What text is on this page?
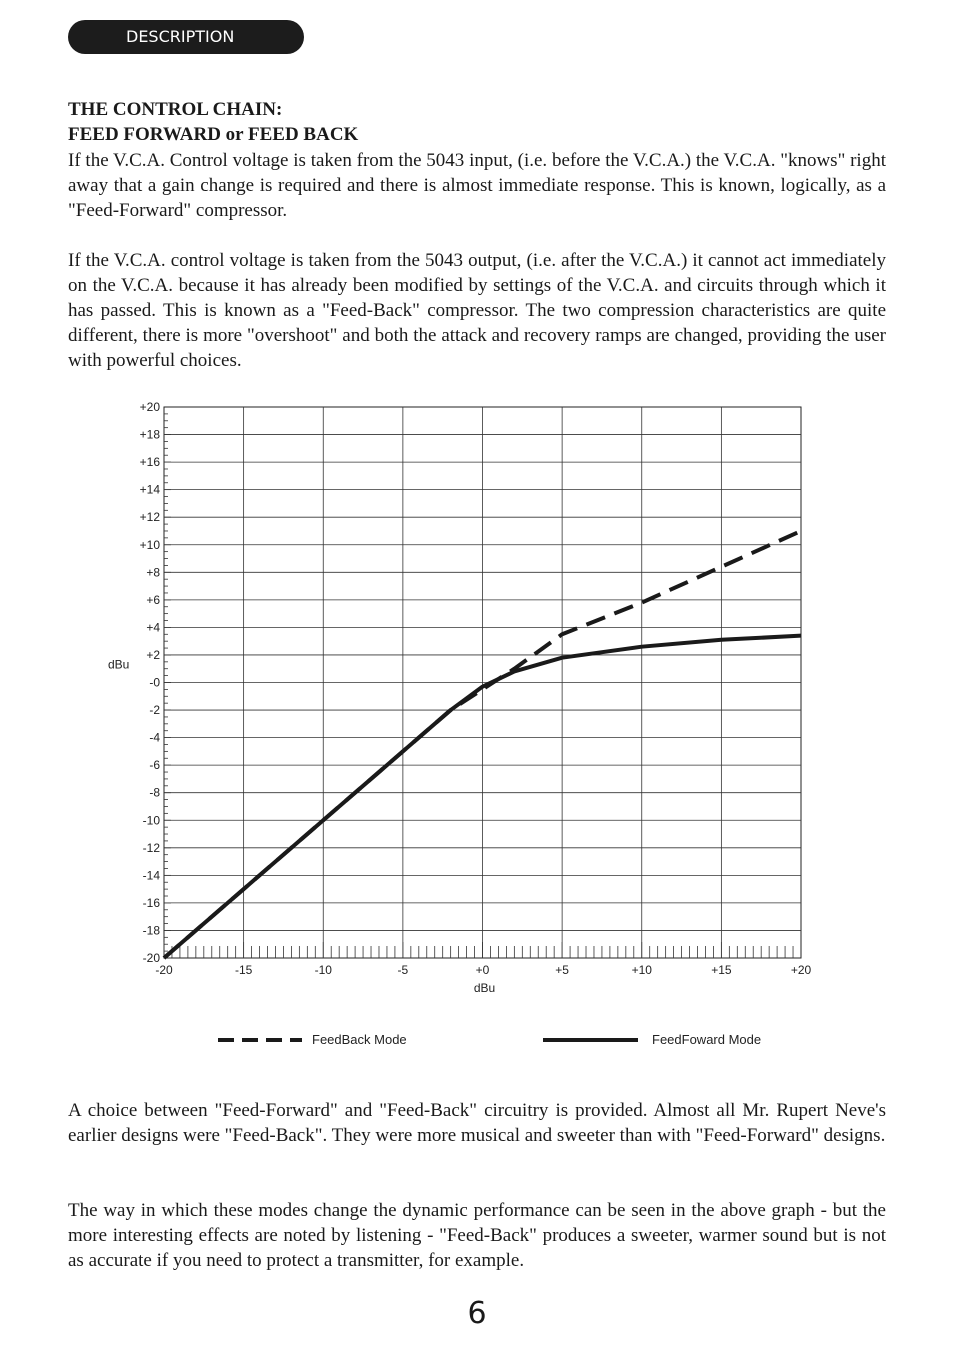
DESCRIPTION
THE CONTROL CHAIN:
FEED FORWARD or FEED BACK

If the V.C.A. Control voltage is taken from the 5043 input, (i.e. before the V.C.A.) the V.C.A. "knows" right away that a gain change is required and there is almost immediate response. This is known, logically, as a "Feed-Forward" compressor.

If the V.C.A. control voltage is taken from the 5043 output, (i.e. after the V.C.A.) it cannot act immediately on the V.C.A. because it has already been modified by settings of the V.C.A. and circuits through which it has passed. This is known as a "Feed-Back" compressor. The two compression characteristics are quite different, there is more "overshoot" and both the attack and recovery ramps are changed, providing the user with powerful choices.

-20
-18
-16
-14
-12
-10
-8
-6
-4
-2
-0
+2
+4
+6
+8
+10
+12
+14
+16
+18
+20
-20	-15	-10	-5	+0	+5	+10	+15	+20
dBu
dBu
FeedBack Mode	FeedFoward Mode

A choice between "Feed-Forward" and "Feed-Back" circuitry is provided. Almost all Mr. Rupert Neve's earlier designs were "Feed-Back". They were more musical and sweeter than with "Feed-Forward" designs.

The way in which these modes change the dynamic performance can be seen in the above graph - but the more interesting effects are noted by listening - "Feed-Back" produces a sweeter, warmer sound but is not as accurate if you need to protect a transmitter, for example.

6
